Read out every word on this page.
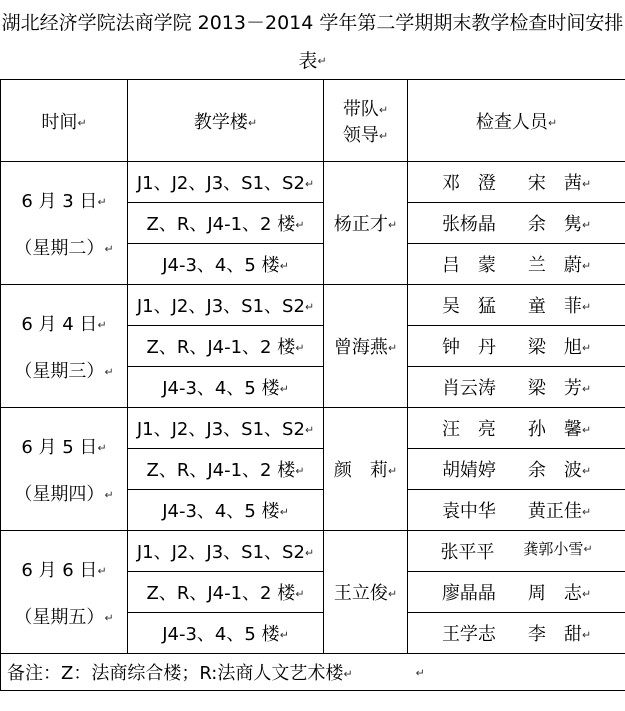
湖北经济学院法商学院 2013－2014 学年第二学期期末教学检查时间安排
表↵
时间↵	教学楼↵	带队↵
领导↵	检查人员↵
6 月 3 日↵

（星期二）↵	J1、J2、J3、S1、S2↵	杨正才↵	邓　澄 宋　茜↵

	Z、R、J4-1、2 楼↵		张杨晶 余　隽↵

	J4-3、4、5 楼↵		吕　蒙 兰　蔚↵

6 月 4 日↵

（星期三）↵	J1、J2、J3、S1、S2↵	曾海燕↵	吴　猛 童　菲↵

	Z、R、J4-1、2 楼↵		钟　丹 梁　旭↵

	J4-3、4、5 楼↵		肖云涛 梁　芳↵

6 月 5 日↵

（星期四）↵	J1、J2、J3、S1、S2↵	颜　莉↵	汪　亮 孙　馨↵

	Z、R、J4-1、2 楼↵		胡婧婷 余　波↵

	J4-3、4、5 楼↵		袁中华 黄正佳↵

6 月 6 日↵

（星期五）↵	J1、J2、J3、S1、S2↵	王立俊↵	张平平 龚郭小雪↵

	Z、R、J4-1、2 楼↵		廖晶晶 周　志↵

	J4-3、4、5 楼↵		王学志 李　甜↵

备注：Z：法商综合楼；R:法商人文艺术楼↵			↵
